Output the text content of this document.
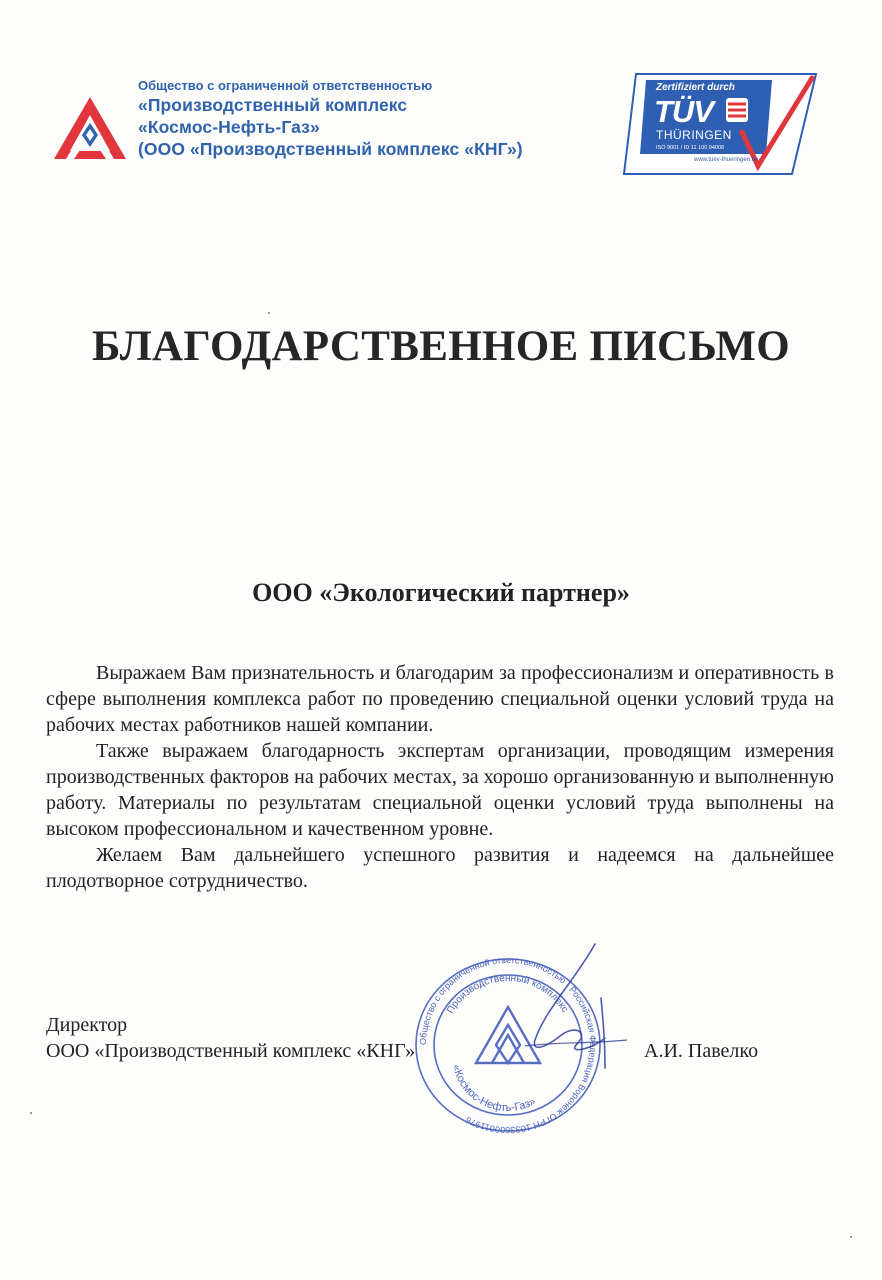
Общество с ограниченной ответственностью
«Производственный комплекс
«Космос-Нефть-Газ»
(ООО «Производственный комплекс «КНГ»)
Zertifiziert durch
TÜV
THÜRINGEN
ISO 9001 / ID 11 100 94008
www.tuev-thueringen.de
БЛАГОДАРСТВЕННОЕ ПИСЬМО
ООО «Экологический партнер»

Выражаем Вам признательность и благодарим за профессионализм и оперативность в сфере выполнения комплекса работ по проведению специальной оценки условий труда на рабочих местах работников нашей компании.

Также выражаем благодарность экспертам организации, проводящим измерения производственных факторов на рабочих местах, за хорошо организованную и выполненную работу. Материалы по результатам специальной оценки условий труда выполнены на высоком профессиональном и качественном уровне.

Желаем Вам дальнейшего успешного развития и надеемся на дальнейшее плодотворное сотрудничество.

Общество с ограниченной ответственностью · Российская Федерация Воронеж ОГРН 1033600011976
Производственный комплекс
«Космос-Нефть-Газ»
Директор
ООО «Производственный комплекс «КНГ»	А.И. Павелко
